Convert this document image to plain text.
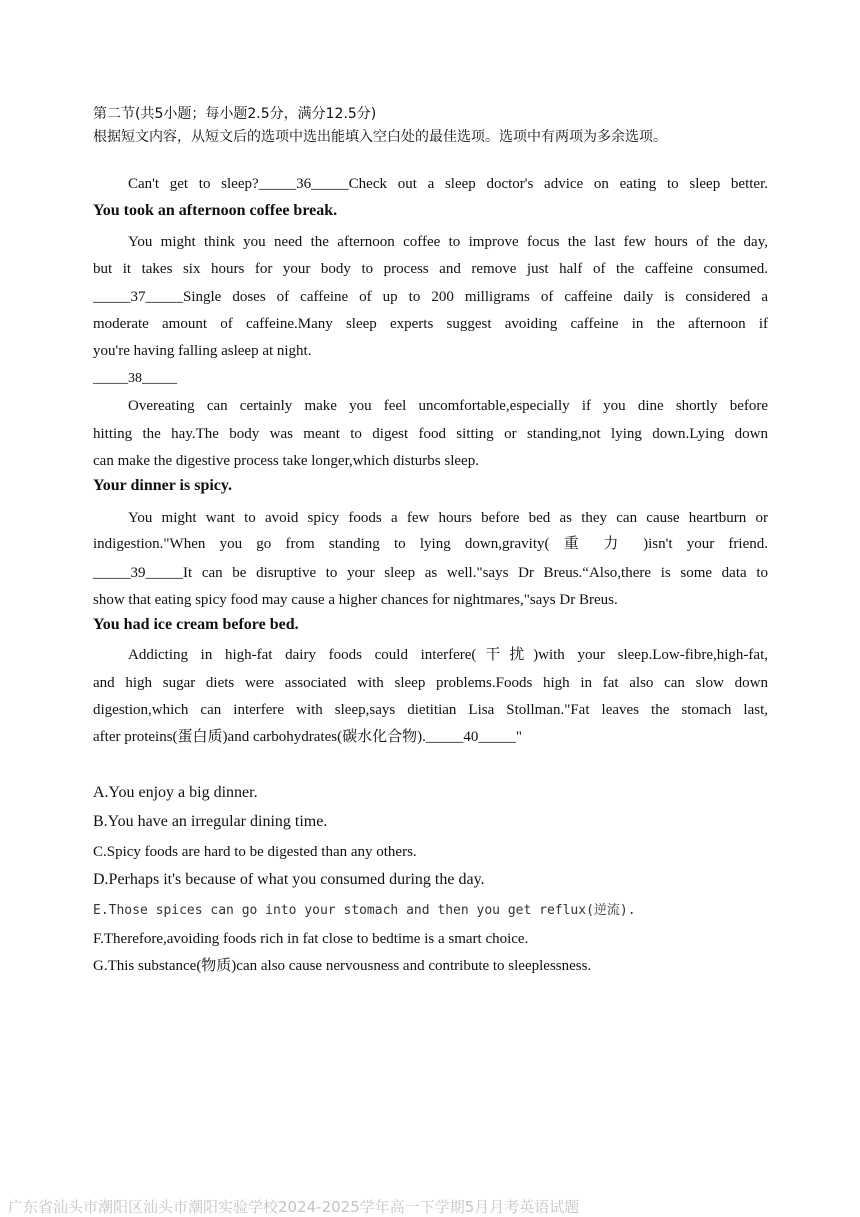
第二节(共5小题；每小题2.5分，满分12.5分)
根据短文内容，从短文后的选项中选出能填入空白处的最佳选项。选项中有两项为多余选项。
Can't get to sleep?_____36_____Check out a sleep doctor's advice on eating to sleep better.
You took an afternoon coffee break.
You might think you need the afternoon coffee to improve focus the last few hours of the day,
but it takes six hours for your body to process and remove just half of the caffeine consumed.
_____37_____Single doses of caffeine of up to 200 milligrams of caffeine daily is considered a
moderate amount of caffeine.Many sleep experts suggest avoiding caffeine in the afternoon if
you're having falling asleep at night.
_____38_____
Overeating can certainly make you feel uncomfortable,especially if you dine shortly before
hitting the hay.The body was meant to digest food sitting or standing,not lying down.Lying down
can make the digestive process take longer,which disturbs sleep.
Your dinner is spicy.
You might want to avoid spicy foods a few hours before bed as they can cause heartburn or
indigestion."When you go from standing to lying down,gravity( 重 力 )isn't your friend.
_____39_____It can be disruptive to your sleep as well."says Dr Breus.“Also,there is some data to
show that eating spicy food may cause a higher chances for nightmares,"says Dr Breus.
You had ice cream before bed.
Addicting in high-fat dairy foods could interfere(干扰)with your sleep.Low-fibre,high-fat,
and high sugar diets were associated with sleep problems.Foods high in fat also can slow down
digestion,which can interfere with sleep,says dietitian Lisa Stollman."Fat leaves the stomach last,
after proteins(蛋白质)and carbohydrates(碳水化合物)._____40_____"
A.You enjoy a big dinner.
B.You have an irregular dining time.
C.Spicy foods are hard to be digested than any others.
D.Perhaps it's because of what you consumed during the day.
E.Those spices can go into your stomach and then you get reflux(逆流).
F.Therefore,avoiding foods rich in fat close to bedtime is a smart choice.
G.This substance(物质)can also cause nervousness and contribute to sleeplessness.
广东省汕头市潮阳区汕头市潮阳实验学校2024-2025学年高一下学期5月月考英语试题
